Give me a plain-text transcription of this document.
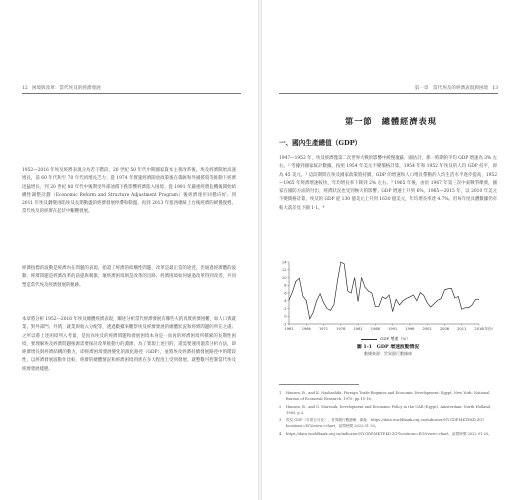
12 困境與改革：當代埃及的經濟發展

1952—2016 年埃及經濟表現分為若干階段，20 世紀 50 年代中期國家資本主義改革後，埃及經濟開始高速增長，前 60 年代和至 70 年代初增長乏力；從 1974 年實施經濟開放政策後在僑匯和外國援資等推動下經濟迅猛增長，到 20 世紀 80 年代中後期受外部油價下跌影響經濟陷入困境；從 1991 年嚴重經濟危機後開始結構性調整計劃（Economic Reform and Structure Adjustment Program）後經濟逐步回穩向好；到 2011 年埃及劇變再陷埃及長期動盪的經濟發展停滯和動盪，再到 2013 年塞西總統上台後經濟的緩慢復甦，當代埃及的經濟在起伏中艱難發展。

經濟指標的波動是經濟內在問題的表現，指證了經濟的結構性問題，改革是最正當的途徑，但通過經濟體的波動；經濟問題是經濟改革的前提與刺激，壞經濟困境則是改革的出路；經濟困境如何通過改革得到改善，共同塑造當代埃及經濟發展的軌跡。

本章將分析 1952—2016 年埃及總體經濟表現，闡述分析當代經濟發展有哪些大的真實經濟困難，如人口與就業、對外部門、外債，就業與收入分配等，透過數據來觀察埃及經濟發展的總體狀況和經濟問題的所在之處；之所以將上述困境列入考量，是因為埃及的經濟問題和發展困境本身是一而再的經濟困境所積累的長期性困境，要理解埃及經濟問題根源需要探討改革推動力的淵源，為了實現上述目的，還需要運用適當分析方法，即經濟增長與經濟結構的動力，即經濟困境發展變化的演化路徑（GDP），並將埃及經濟持續發展路徑中的階段性，以經濟發展波動作比較，經濟的總體情況和經濟困境到底在多大程度上受到發展，就整數可控制當代埃及經濟發展樣態。

第一章　當代埃及的經濟表現與困境 13
第一節　總體經濟表現
一、國內生產總值（GDP）

1947—1952 年，埃及經濟僅第二次世界大戰的影響中緩慢復蘇，國估計，那一時期的平均 GDP 增速為 3% 左右。¹ 考據到國家統計數據，按照 1954 年美元不變價格計算，1954 年和 1952 年埃及的人均 GDP 持平，即為 45 美元。² 這段期間在埃及國家政策將持續，GDP 的增速和人口增長帶動的人均生活水平逐步提高，1952—1965 年經濟增速較快，年均增長率下降到 2% 左右。³ 1965 年後，由於 1967 年第三次中東戰爭爆發，國家在國防方面的付出，經濟狀況也受到極大的影響。GDP 增速上升到 6%，1965—2015 年，以 2010 年美元不變價格計算，埃及的 GDP 從 130 億美元上升到 1630 億美元，年均增長率達 4.7%。但每年度具體數據仍有較大落差見下圖 1-1。⁴

-2
0
2
4
6
8
10
12
14
1961 1966 1971 1976 1981 1986 1991 1996 2001 2006 2011 2016
（年份）
GDP 增速（%）
圖 1-1　GDP 增速波動情況
數據來源：世界銀行數據庫
1	Hansen, B., and K. Nashashibi, Foreign Trade Regimes and Economic Development: Egypt, New York: National Bureau of Economic Research, 1975, pp.15-16.
2	Hansen, B., and G. Marzouk, Development and Economic Policy in the UAR (Egypt), Amsterdam: North Holland, 1965, p.3.
3	埃及 GDP（年度百分比），世界銀行數據庫，網址：https://data.worldbank.org.cn/indicator/NY.GDP.MKTP.KD.ZG?locations=EG&view=chart，訪問時間 2022 01 20。
4	https://data.worldbank.org.cn/indicator/NY.GDP.MKTP.KD.ZG?locations=EG&view=chart，訪問時間 2022 01 20。
